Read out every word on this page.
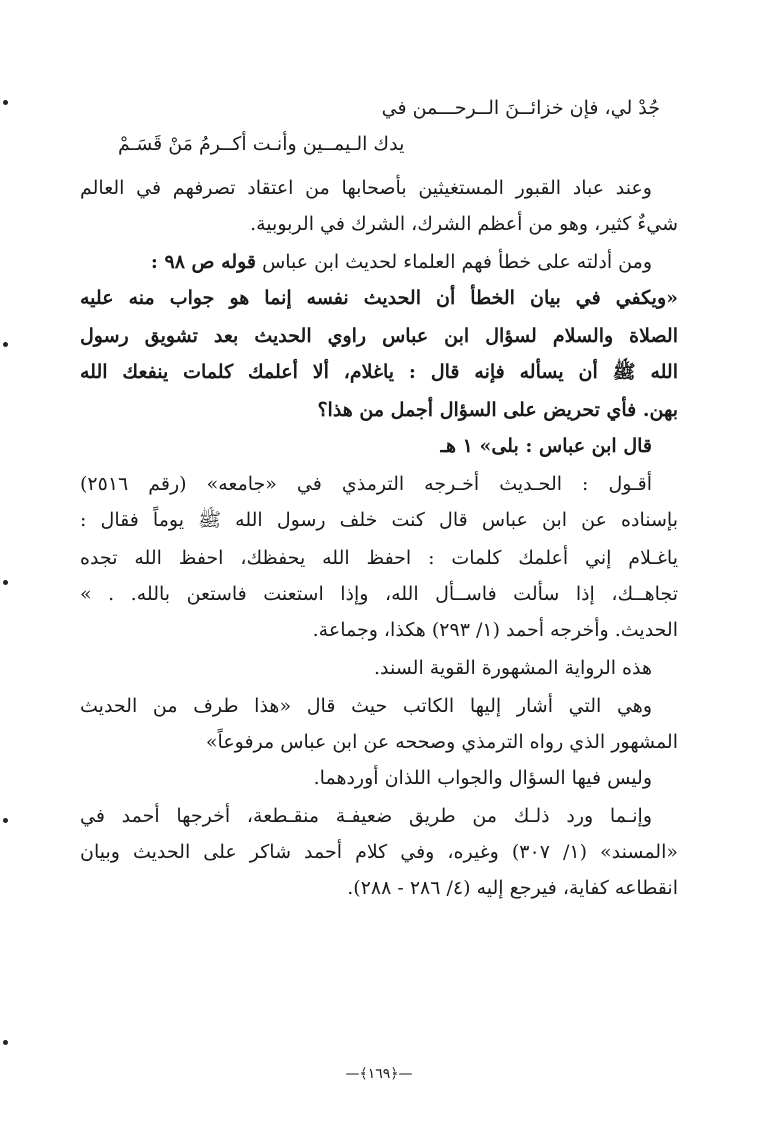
جُدْ لي، فإن خزائــنَ الــرحـــمن في
يدك الـيمــين وأنـت أكــرمُ مَنْ قَسَـمْ
وعند عباد القبور المستغيثين بأصحابها من اعتقاد تصرفهم في العالم
شيءٌ كثير، وهو من أعظم الشرك، الشرك في الربوبية.
ومن أدلته على خطأ فهم العلماء لحديث ابن عباس قوله ص ٩٨ :
«ويكفي في بيان الخطأ أن الحديث نفسه إنما هو جواب منه عليه
الصلاة والسلام لسؤال ابن عباس راوي الحديث بعد تشويق رسول
الله ﷺ أن يسأله فإنه قال : ياغلام، ألا أعلمك كلمات ينفعك الله
بهن. فأي تحريض على السؤال أجمل من هذا؟
قال ابن عباس : بلى» ١ هـ
أقـول : الحـديث أخـرجه الترمذي في «جامعه» (رقم ٢٥١٦)
بإسناده عن ابن عباس قال كنت خلف رسول الله ﷺ يوماً فقال :
ياغـلام إني أعلمك كلمات : احفظ الله يحفظك، احفظ الله تجده
تجاهــك، إذا سألت فاســأل الله، وإذا استعنت فاستعن بالله. . »
الحديث. وأخرجه أحمد (١/ ٢٩٣) هكذا، وجماعة.
هذه الرواية المشهورة القوية السند.
وهي التي أشار إليها الكاتب حيث قال «هذا طرف من الحديث
المشهور الذي رواه الترمذي وصححه عن ابن عباس مرفوعاً»
وليس فيها السؤال والجواب اللذان أوردهما.
وإنـما ورد ذلـك من طريق ضعيفـة منقـطعة، أخرجها أحمد في
«المسند» (١/ ٣٠٧) وغيره، وفي كلام أحمد شاكر على الحديث وبيان
انقطاعه كفاية، فيرجع إليه (٤/ ٢٨٦ - ٢٨٨).
—﴿١٦٩﴾—
